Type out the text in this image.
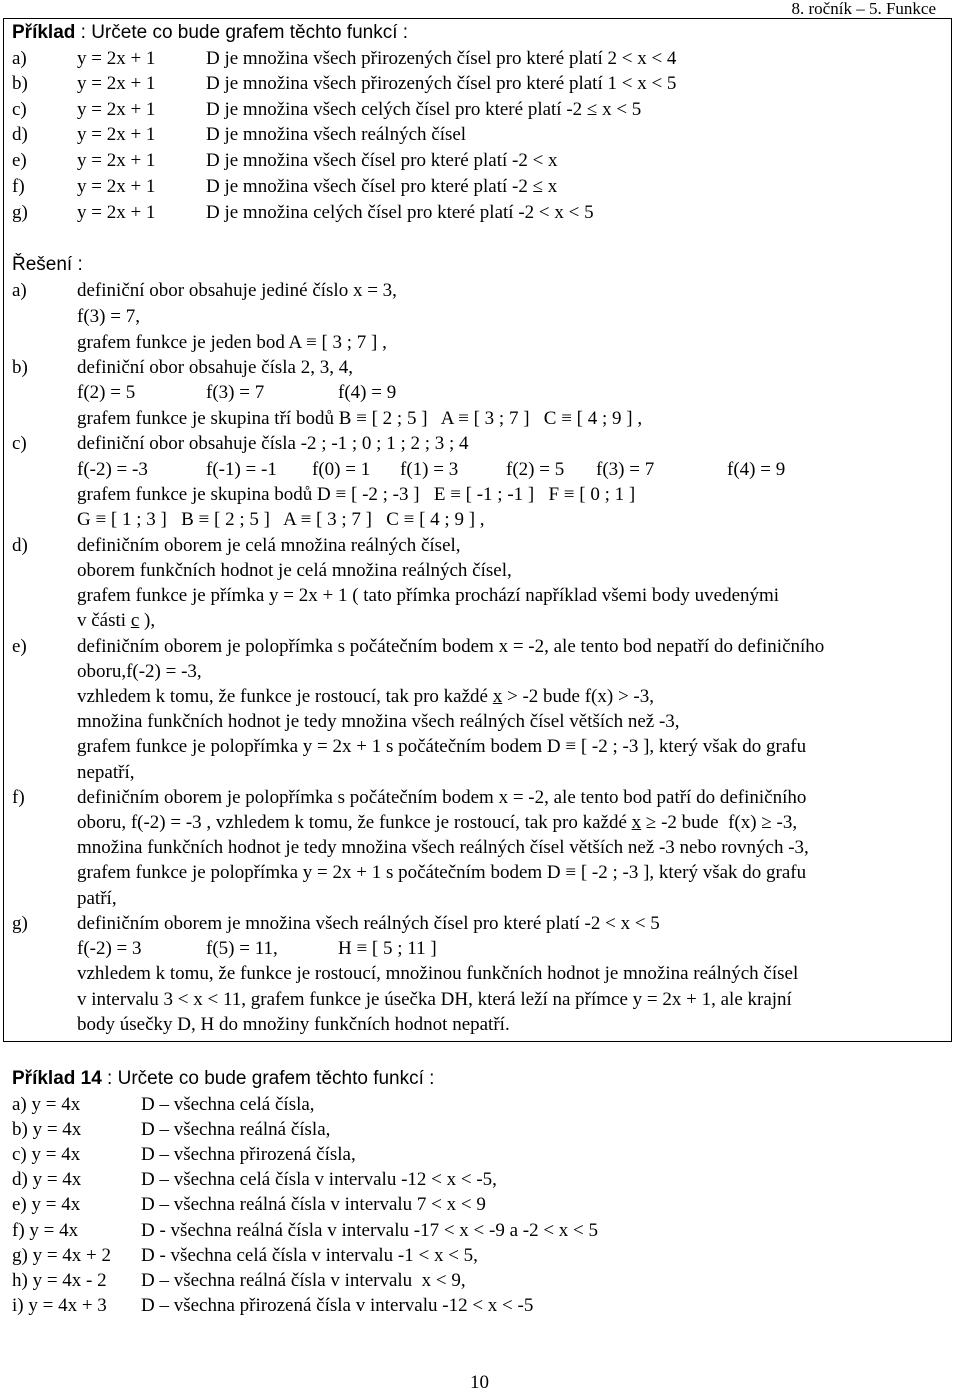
8. ročník – 5. Funkce
Příklad : Určete co bude grafem těchto funkcí :
a)	y = 2x + 1	D je množina všech přirozených čísel pro které platí 2 < x < 4
b)	y = 2x + 1	D je množina všech přirozených čísel pro které platí 1 < x < 5
c)	y = 2x + 1	D je množina všech celých čísel pro které platí -2 ≤ x < 5
d)	y = 2x + 1	D je množina všech reálných čísel
e)	y = 2x + 1	D je množina všech čísel pro které platí -2 < x
f)	y = 2x + 1	D je množina všech čísel pro které platí -2 ≤ x
g)	y = 2x + 1	D je množina celých čísel pro které platí -2 < x < 5
Řešení :
a)	definiční obor obsahuje jediné číslo x = 3,
f(3) = 7,
grafem funkce je jeden bod A ≡ [ 3 ; 7 ] ,
b)	definiční obor obsahuje čísla 2, 3, 4,
f(2) = 5	f(3) = 7	f(4) = 9
grafem funkce je skupina tří bodů B ≡ [ 2 ; 5 ]   A ≡ [ 3 ; 7 ]   C ≡ [ 4 ; 9 ] ,
c)	definiční obor obsahuje čísla -2 ; -1 ; 0 ; 1 ; 2 ; 3 ; 4
f(-2) = -3	f(-1) = -1 f(0) = 1 f(1) = 3	f(2) = 5 f(3) = 7	f(4) = 9
grafem funkce je skupina bodů D ≡ [ -2 ; -3 ]   E ≡ [ -1 ; -1 ]   F ≡ [ 0 ; 1 ]
G ≡ [ 1 ; 3 ]   B ≡ [ 2 ; 5 ]   A ≡ [ 3 ; 7 ]   C ≡ [ 4 ; 9 ] ,
d)	definičním oborem je celá množina reálných čísel,
oborem funkčních hodnot je celá množina reálných čísel,
grafem funkce je přímka y = 2x + 1 ( tato přímka prochází například všemi body uvedenými
v části c ),
e)	definičním oborem je polopřímka s počátečním bodem x = -2, ale tento bod nepatří do definičního
oboru,f(-2) = -3,
vzhledem k tomu, že funkce je rostoucí, tak pro každé x > -2 bude f(x) > -3,
množina funkčních hodnot je tedy množina všech reálných čísel větších než -3,
grafem funkce je polopřímka y = 2x + 1 s počátečním bodem D ≡ [ -2 ; -3 ], který však do grafu
nepatří,
f)	definičním oborem je polopřímka s počátečním bodem x = -2, ale tento bod patří do definičního
oboru, f(-2) = -3 , vzhledem k tomu, že funkce je rostoucí, tak pro každé x ≥ -2 bude  f(x) ≥ -3,
množina funkčních hodnot je tedy množina všech reálných čísel větších než -3 nebo rovných -3,
grafem funkce je polopřímka y = 2x + 1 s počátečním bodem D ≡ [ -2 ; -3 ], který však do grafu
patří,
g)	definičním oborem je množina všech reálných čísel pro které platí -2 < x < 5
f(-2) = 3	f(5) = 11,	H ≡ [ 5 ; 11 ]
vzhledem k tomu, že funkce je rostoucí, množinou funkčních hodnot je množina reálných čísel
v intervalu 3 < x < 11, grafem funkce je úsečka DH, která leží na přímce y = 2x + 1, ale krajní
body úsečky D, H do množiny funkčních hodnot nepatří.
Příklad 14 : Určete co bude grafem těchto funkcí :
a) y = 4x	D – všechna celá čísla,
b) y = 4x	D – všechna reálná čísla,
c) y = 4x	D – všechna přirozená čísla,
d) y = 4x	D – všechna celá čísla v intervalu -12 < x < -5,
e) y = 4x	D – všechna reálná čísla v intervalu 7 < x < 9
f) y = 4x	D - všechna reálná čísla v intervalu -17 < x < -9 a -2 < x < 5
g) y = 4x + 2 D - všechna celá čísla v intervalu -1 < x < 5,
h) y = 4x - 2 D – všechna reálná čísla v intervalu  x < 9,
i) y = 4x + 3 D – všechna přirozená čísla v intervalu -12 < x < -5
10
